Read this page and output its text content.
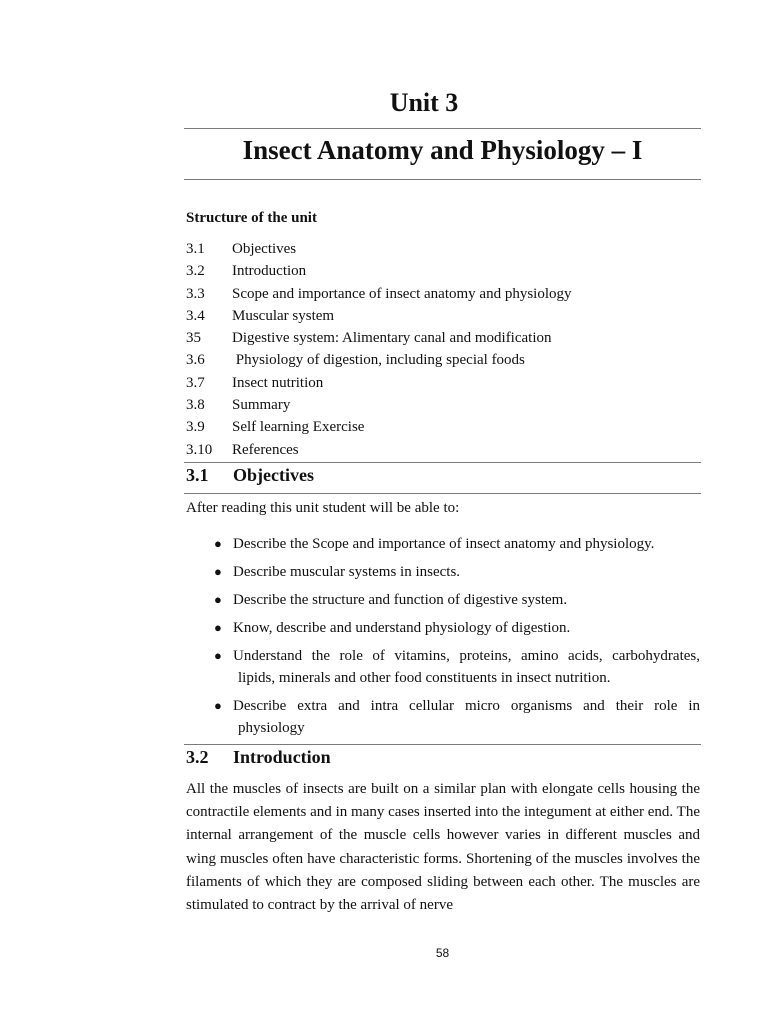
Unit 3
Insect Anatomy and Physiology – I
Structure of the unit
3.1 Objectives
3.2 Introduction
3.3 Scope and importance of insect anatomy and physiology
3.4 Muscular system
35 Digestive system: Alimentary canal and modification
3.6 Physiology of digestion, including special foods
3.7 Insect nutrition
3.8 Summary
3.9 Self learning Exercise
3.10 References
3.1 Objectives
After reading this unit student will be able to:
● Describe the Scope and importance of insect anatomy and physiology.
● Describe muscular systems in insects.
● Describe the structure and function of digestive system.
● Know, describe and understand physiology of digestion.
● Understand the role of vitamins, proteins, amino acids, carbohydrates,
lipids, minerals and other food constituents in insect nutrition.
● Describe extra and intra cellular micro organisms and their role in
physiology
3.2 Introduction
All the muscles of insects are built on a similar plan with elongate cells housing the contractile elements and in many cases inserted into the integument at either end. The internal arrangement of the muscle cells however varies in different muscles and wing muscles often have characteristic forms. Shortening of the muscles involves the filaments of which they are composed sliding between each other. The muscles are stimulated to contract by the arrival of nerve
58
